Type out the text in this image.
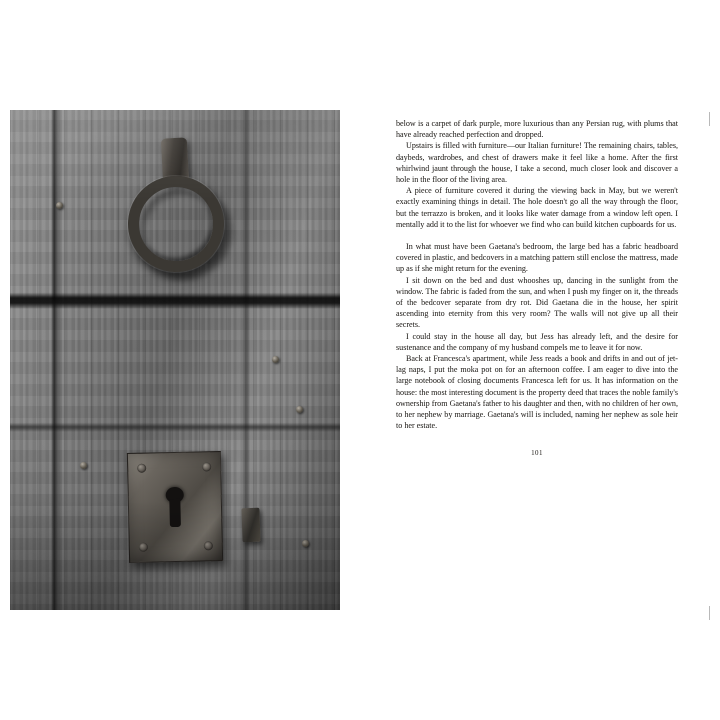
below is a carpet of dark purple, more luxurious than any Persian rug, with plums that have already reached perfection and dropped.

Upstairs is filled with furniture—our Italian furniture! The remaining chairs, tables, daybeds, wardrobes, and chest of drawers make it feel like a home. After the first whirlwind jaunt through the house, I take a second, much closer look and discover a hole in the floor of the living area.

A piece of furniture covered it during the viewing back in May, but we weren't exactly examining things in detail. The hole doesn't go all the way through the floor, but the terrazzo is broken, and it looks like water damage from a window left open. I mentally add it to the list for whoever we find who can build kitchen cupboards for us.

In what must have been Gaetana's bedroom, the large bed has a fabric headboard covered in plastic, and bedcovers in a matching pattern still enclose the mattress, made up as if she might return for the evening.

I sit down on the bed and dust whooshes up, dancing in the sunlight from the window. The fabric is faded from the sun, and when I push my finger on it, the threads of the bedcover separate from dry rot. Did Gaetana die in the house, her spirit ascending into eternity from this very room? The walls will not give up all their secrets.

I could stay in the house all day, but Jess has already left, and the desire for sustenance and the company of my husband compels me to leave it for now.

Back at Francesca's apartment, while Jess reads a book and drifts in and out of jet-lag naps, I put the moka pot on for an afternoon coffee. I am eager to dive into the large notebook of closing documents Francesca left for us. It has information on the house: the most interesting document is the property deed that traces the noble family's ownership from Gaetana's father to his daughter and then, with no children of her own, to her nephew by marriage. Gaetana's will is included, naming her nephew as sole heir to her estate.

101
